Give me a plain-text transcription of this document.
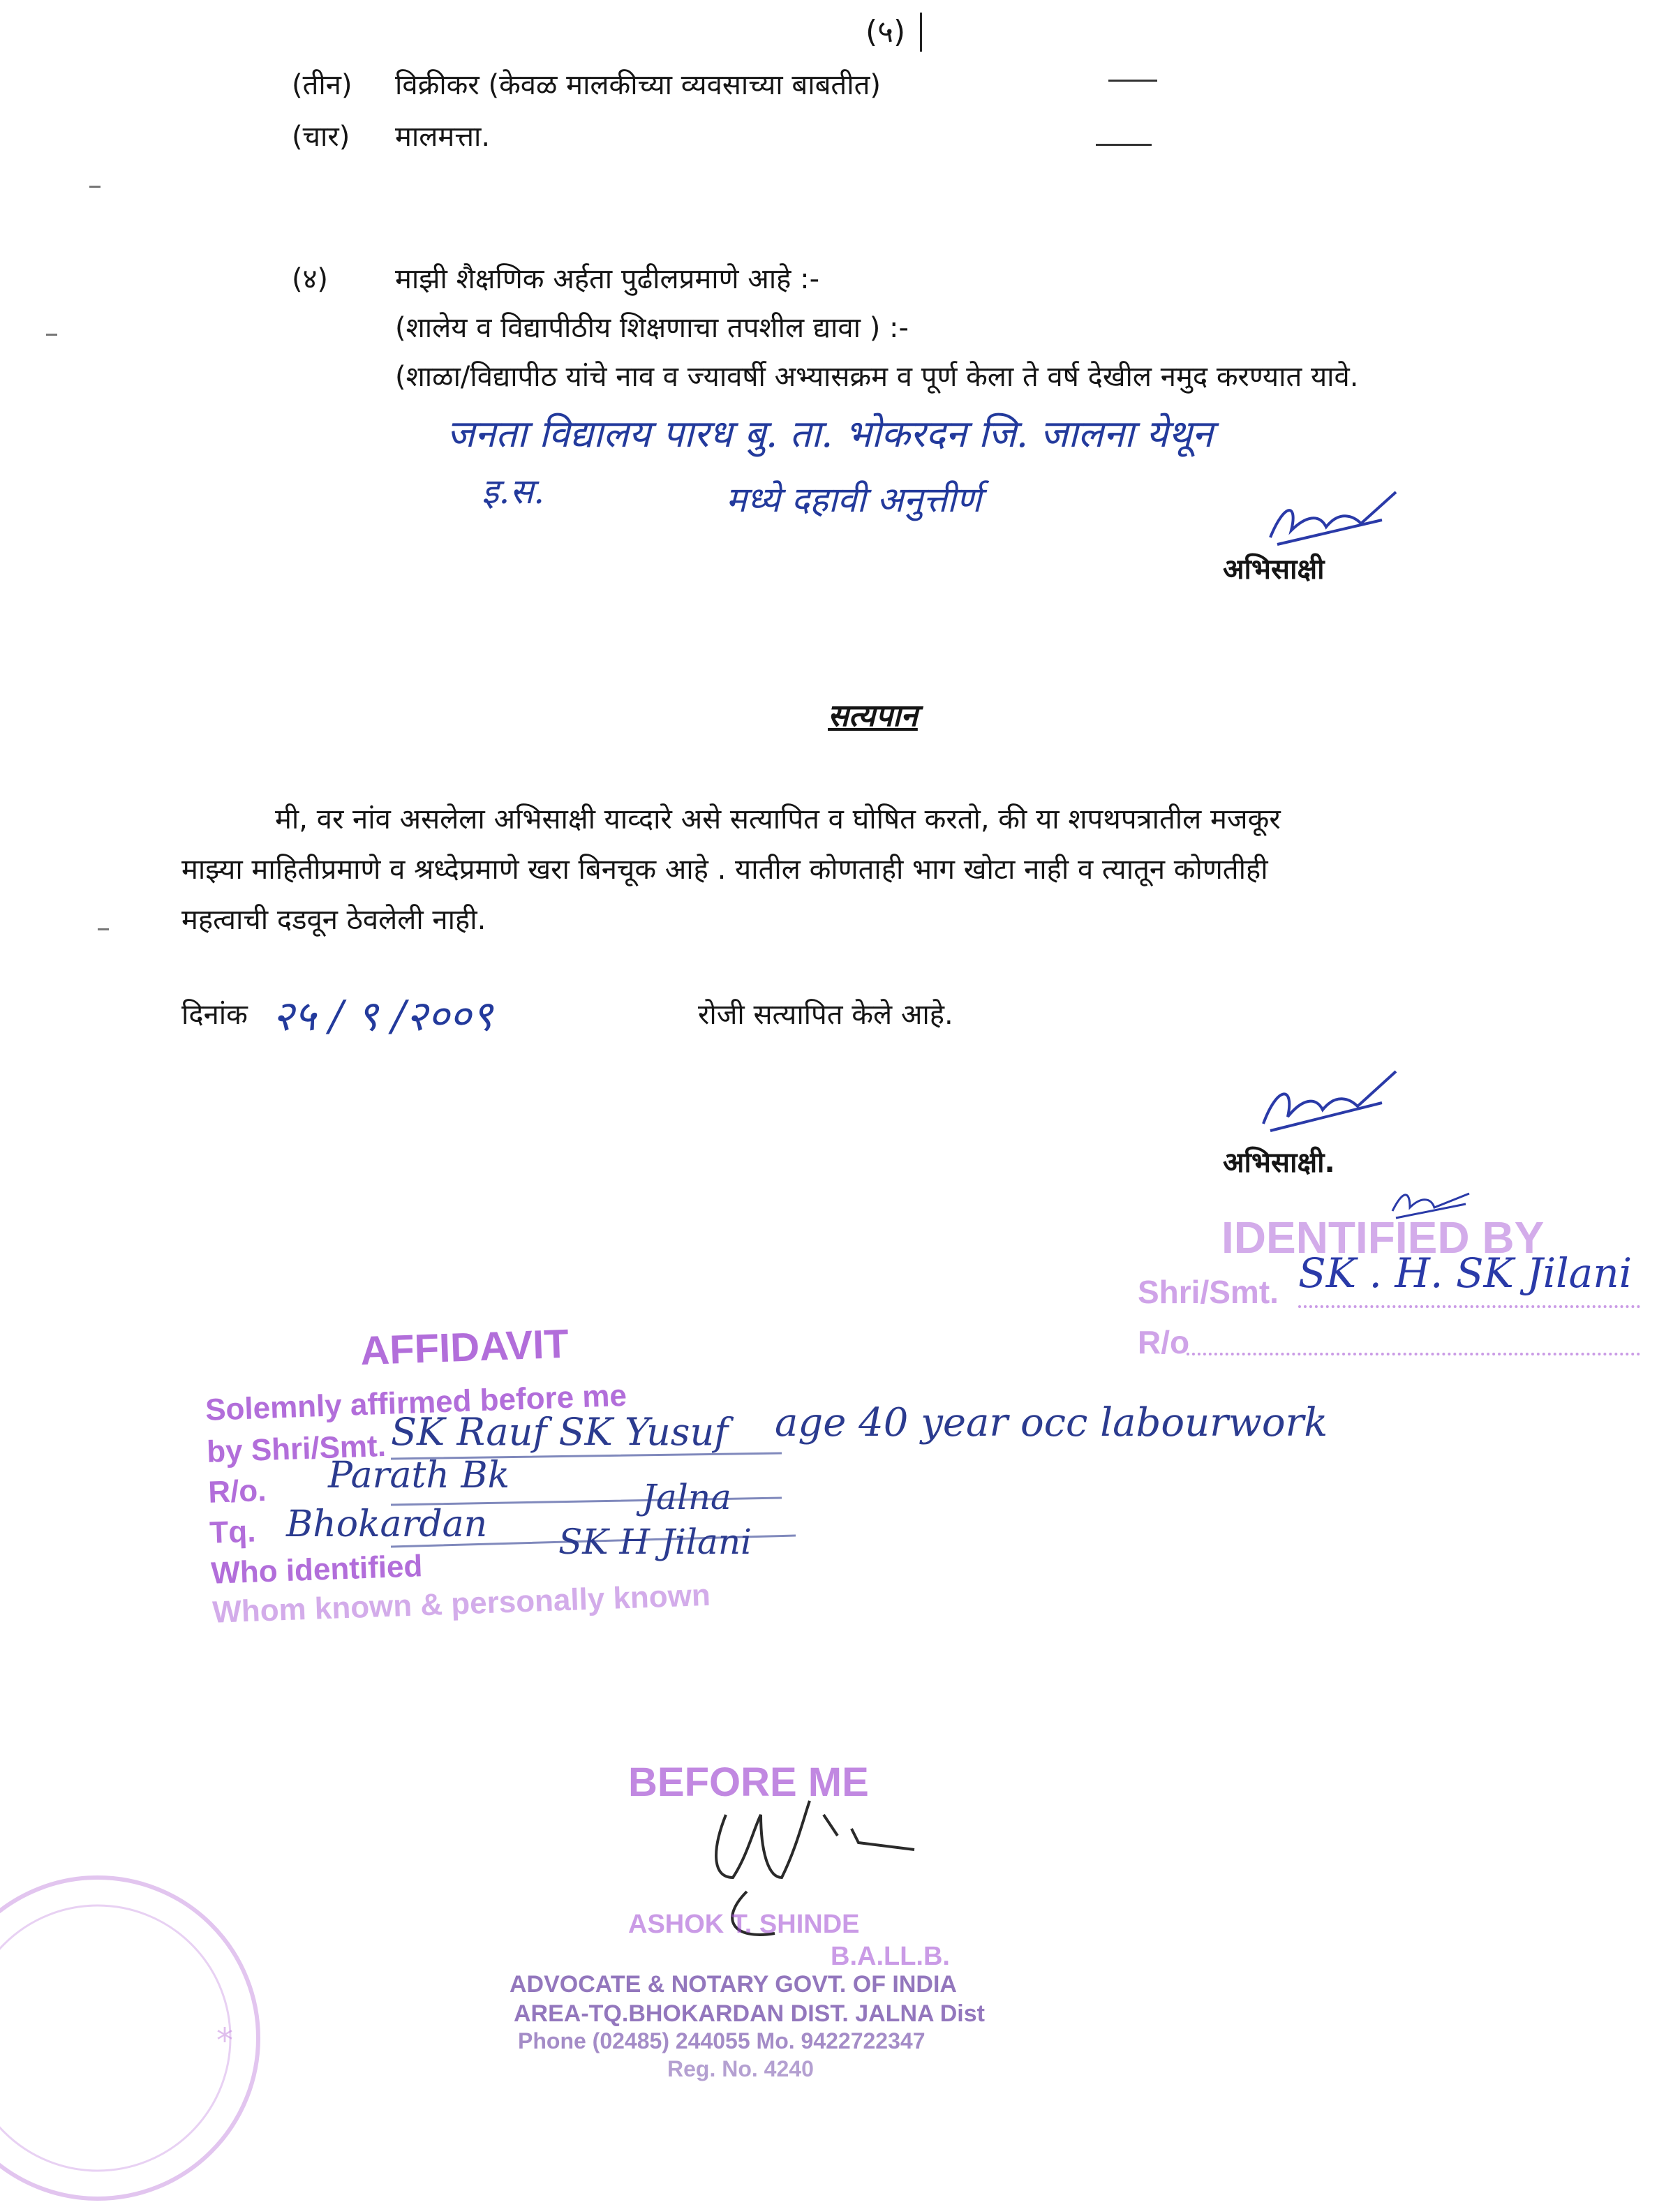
(५)
(तीन) विक्रीकर (केवळ मालकीच्या व्यवसाच्या बाबतीत)
(चार) मालमत्ता.
(४) माझी शैक्षणिक अर्हता पुढीलप्रमाणे आहे :-
(शालेय व विद्यापीठीय शिक्षणाचा तपशील द्यावा ) :-
(शाळा/विद्यापीठ यांचे नाव व ज्यावर्षी अभ्यासक्रम व पूर्ण केला ते वर्ष देखील नमुद करण्यात यावे.
जनता विद्यालय पारध बु. ता. भोकरदन जि. जालना येथून
इ.स.	मध्ये दहावी अनुत्तीर्ण
अभिसाक्षी
सत्यपान
मी, वर नांव असलेला अभिसाक्षी याव्दारे असे सत्यापित व घोषित करतो, की या शपथपत्रातील मजकूर
माझ्या माहितीप्रमाणे व श्रध्देप्रमाणे खरा बिनचूक आहे . यातील कोणताही भाग खोटा नाही व त्यातून कोणतीही
महत्वाची दडवून ठेवलेली नाही.
दिनांक २५ / ९ /२००९	रोजी सत्यापित केले आहे.
अभिसाक्षी.
IDENTIFIED BY
Shri/Smt. SK . H. SK Jilani
R/o
AFFIDAVIT
Solemnly affirmed before me
by Shri/Smt.
R/o.
Tq.
Who identified
Whom known & personally known
SK Rauf SK Yusuf age 40 year occ labourwork
Parath Bk
Bhokardan
Jalna
SK H Jilani
BEFORE ME
ASHOK T. SHINDE
B.A.LL.B.
ADVOCATE & NOTARY GOVT. OF INDIA
AREA-TQ.BHOKARDAN DIST. JALNA Dist
Phone (02485) 244055 Mo. 9422722347
Reg. No. 4240
*
